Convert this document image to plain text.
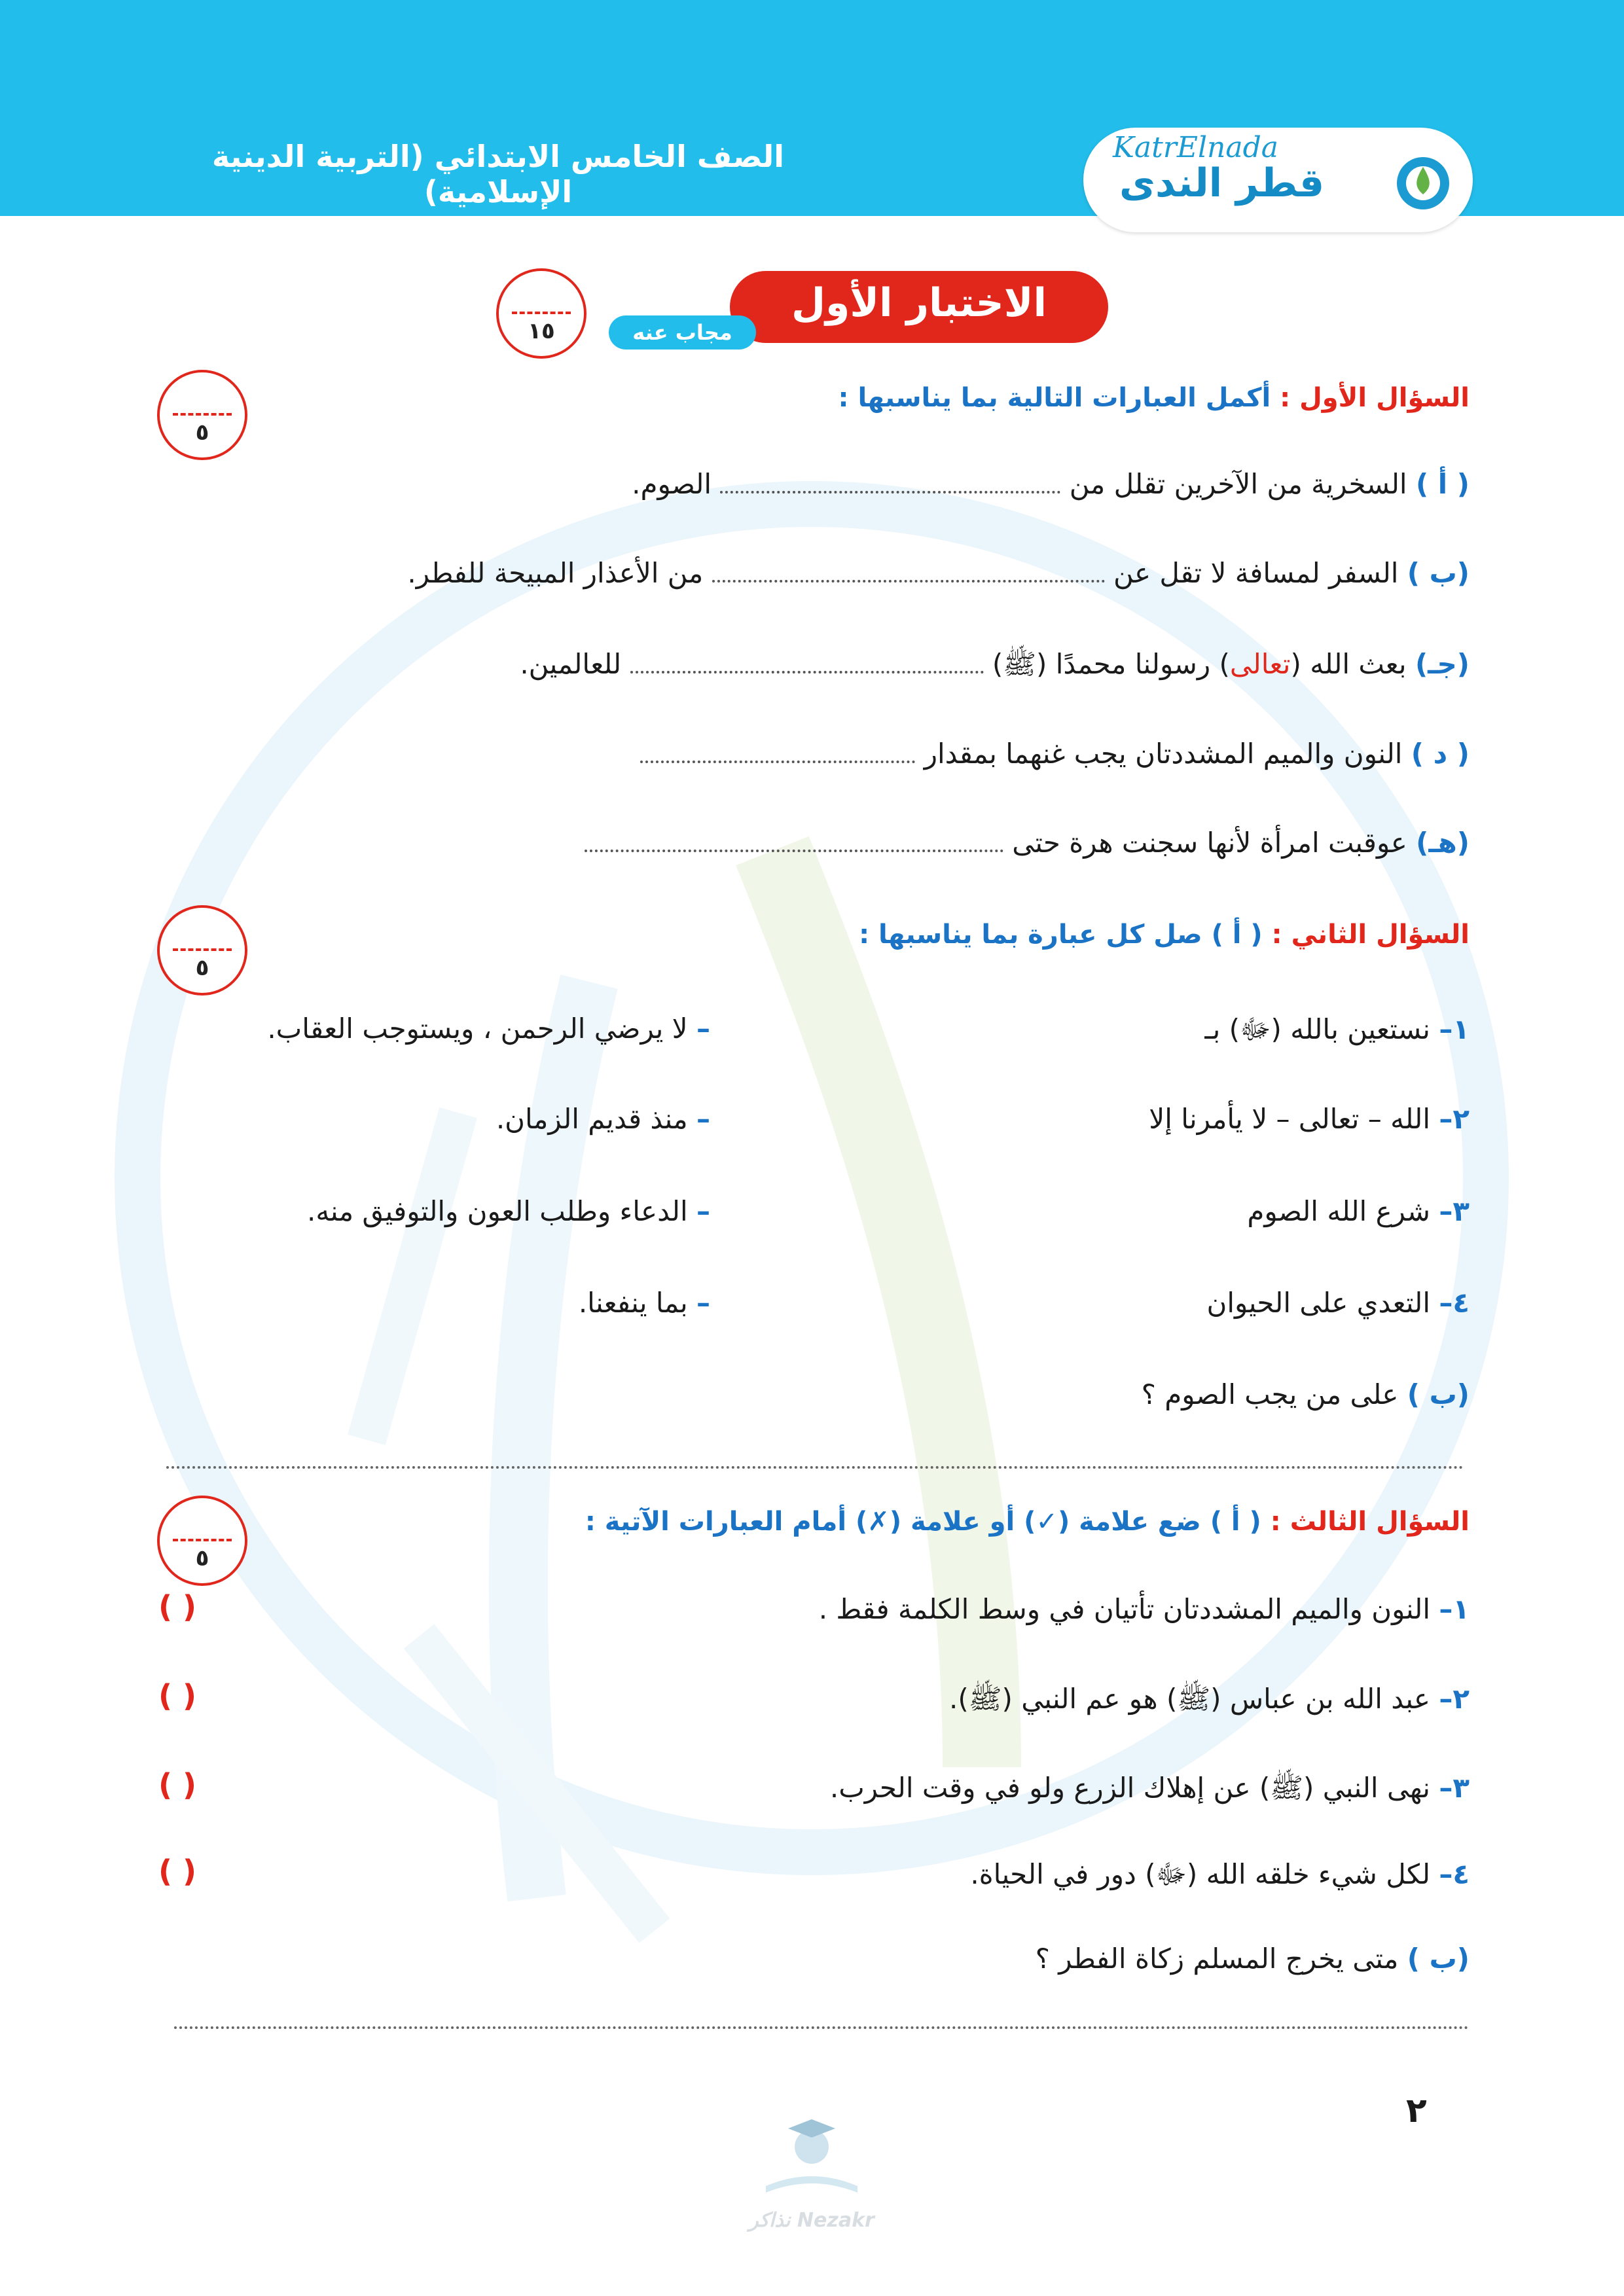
الصف الخامس الابتدائي (التربية الدينية الإسلامية)
KatrElnada
قطر الندى
الاختبار الأول
مجاب عنه
١٥
السؤال الأول : أكمل العبارات التالية بما يناسبها :
٥
( أ ) السخرية من الآخرين تقلل من  الصوم.
(ب ) السفر لمسافة لا تقل عن  من الأعذار المبيحة للفطر.
(جـ) بعث الله (تعالى) رسولنا محمدًا (ﷺ)  للعالمين.
( د ) النون والميم المشددتان يجب غنهما بمقدار
(هـ) عوقبت امرأة لأنها سجنت هرة حتى
السؤال الثاني : ( أ ) صل كل عبارة بما يناسبها :
٥
١– نستعين بالله (ﷻ) بـ
– لا يرضي الرحمن ، ويستوجب العقاب.
٢– الله – تعالى – لا يأمرنا إلا
– منذ قديم الزمان.
٣– شرع الله الصوم
– الدعاء وطلب العون والتوفيق منه.
٤– التعدي على الحيوان
– بما ينفعنا.
(ب ) على من يجب الصوم ؟
السؤال الثالث : ( أ ) ضع علامة (✓) أو علامة (✗) أمام العبارات الآتية :
٥
١– النون والميم المشددتان تأتيان في وسط الكلمة فقط .
( )
٢– عبد الله بن عباس (ﷺ) هو عم النبي (ﷺ).
( )
٣– نهى النبي (ﷺ) عن إهلاك الزرع ولو في وقت الحرب.
( )
٤– لكل شيء خلقه الله (ﷻ) دور في الحياة.
( )
(ب ) متى يخرج المسلم زكاة الفطر ؟
٢
Nezakr نذاكر
